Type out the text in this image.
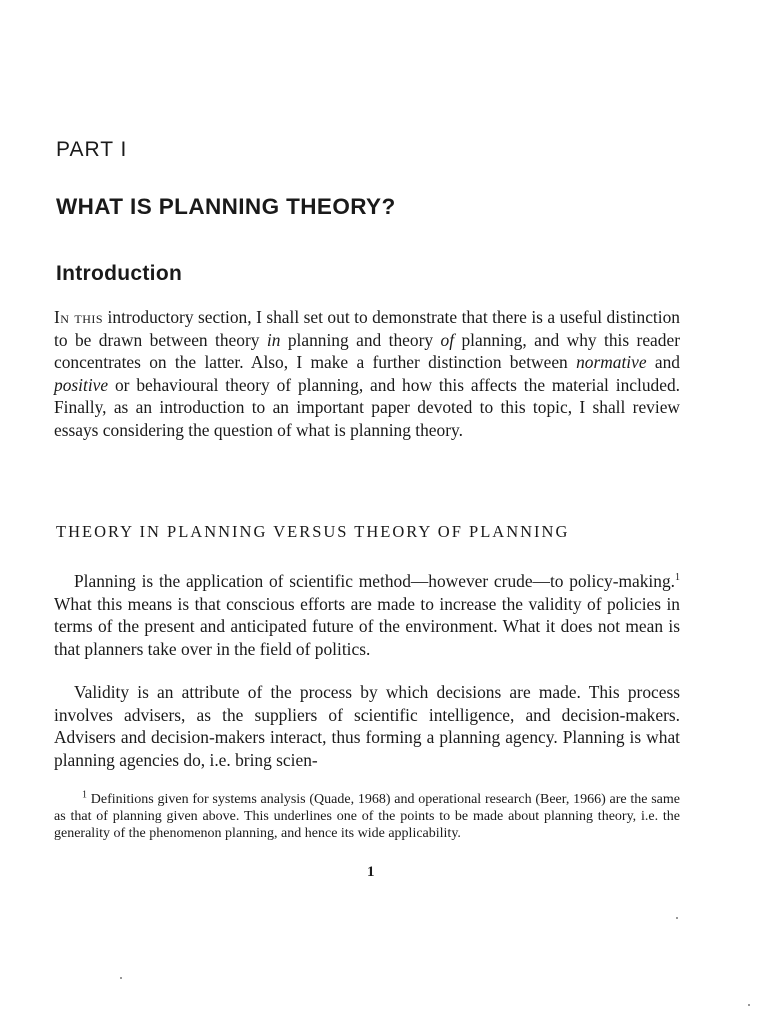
PART I
WHAT IS PLANNING THEORY?
Introduction

In this introductory section, I shall set out to demonstrate that there is a useful distinction to be drawn between theory in planning and theory of planning, and why this reader concentrates on the latter. Also, I make a further distinction between normative and positive or behavioural theory of planning, and how this affects the material included. Finally, as an introduction to an important paper devoted to this topic, I shall review essays considering the question of what is planning theory.

THEORY IN PLANNING VERSUS THEORY OF PLANNING

Planning is the application of scientific method—however crude—to policy-making.$^1$ What this means is that conscious efforts are made to increase the validity of policies in terms of the present and anticipated future of the environment. What it does not mean is that planners take over in the field of politics.

Validity is an attribute of the process by which decisions are made. This process involves advisers, as the suppliers of scientific intelligence, and decision-makers. Advisers and decision-makers interact, thus forming a planning agency. Planning is what planning agencies do, i.e. bring scien-

$^1$ Definitions given for systems analysis (Quade, 1968) and operational research (Beer, 1966) are the same as that of planning given above. This underlines one of the points to be made about planning theory, i.e. the generality of the phenomenon planning, and hence its wide applicability.

1
